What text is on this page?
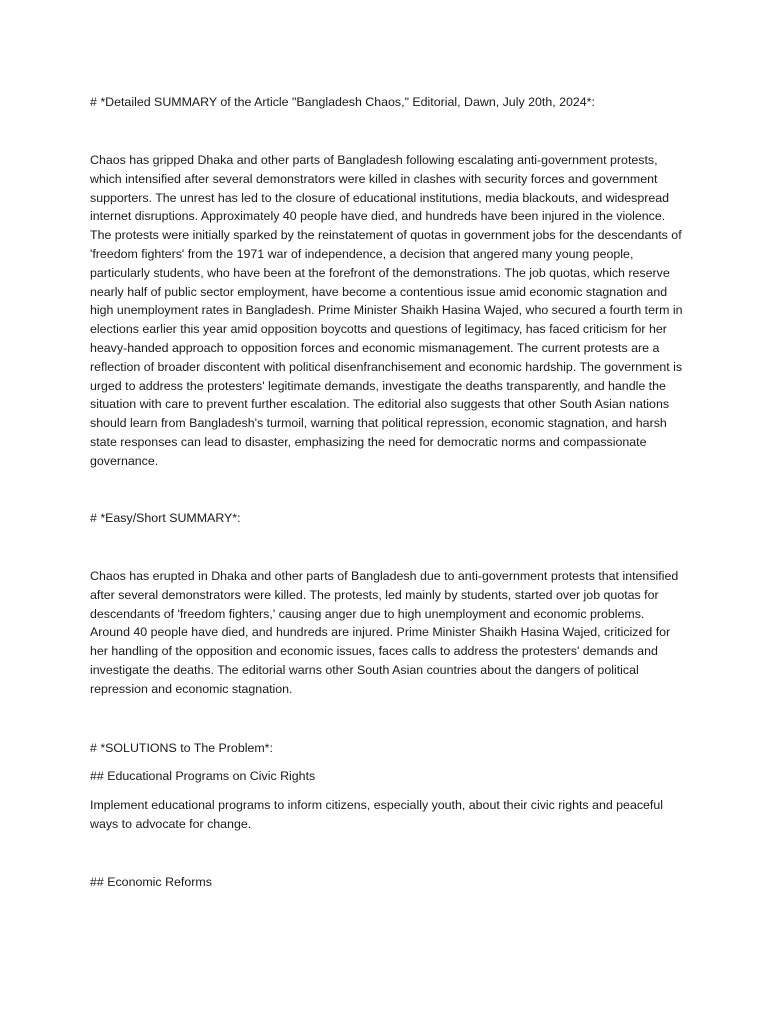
# *Detailed SUMMARY of the Article "Bangladesh Chaos," Editorial, Dawn, July 20th, 2024*:

Chaos has gripped Dhaka and other parts of Bangladesh following escalating anti-government protests, which intensified after several demonstrators were killed in clashes with security forces and government supporters. The unrest has led to the closure of educational institutions, media blackouts, and widespread internet disruptions. Approximately 40 people have died, and hundreds have been injured in the violence. The protests were initially sparked by the reinstatement of quotas in government jobs for the descendants of 'freedom fighters' from the 1971 war of independence, a decision that angered many young people, particularly students, who have been at the forefront of the demonstrations. The job quotas, which reserve nearly half of public sector employment, have become a contentious issue amid economic stagnation and high unemployment rates in Bangladesh. Prime Minister Shaikh Hasina Wajed, who secured a fourth term in elections earlier this year amid opposition boycotts and questions of legitimacy, has faced criticism for her heavy-handed approach to opposition forces and economic mismanagement. The current protests are a reflection of broader discontent with political disenfranchisement and economic hardship. The government is urged to address the protesters' legitimate demands, investigate the deaths transparently, and handle the situation with care to prevent further escalation. The editorial also suggests that other South Asian nations should learn from Bangladesh's turmoil, warning that political repression, economic stagnation, and harsh state responses can lead to disaster, emphasizing the need for democratic norms and compassionate governance.

# *Easy/Short SUMMARY*:

Chaos has erupted in Dhaka and other parts of Bangladesh due to anti-government protests that intensified after several demonstrators were killed. The protests, led mainly by students, started over job quotas for descendants of 'freedom fighters,' causing anger due to high unemployment and economic problems. Around 40 people have died, and hundreds are injured. Prime Minister Shaikh Hasina Wajed, criticized for her handling of the opposition and economic issues, faces calls to address the protesters' demands and investigate the deaths. The editorial warns other South Asian countries about the dangers of political repression and economic stagnation.

# *SOLUTIONS to The Problem*:

## Educational Programs on Civic Rights

Implement educational programs to inform citizens, especially youth, about their civic rights and peaceful ways to advocate for change.

## Economic Reforms
